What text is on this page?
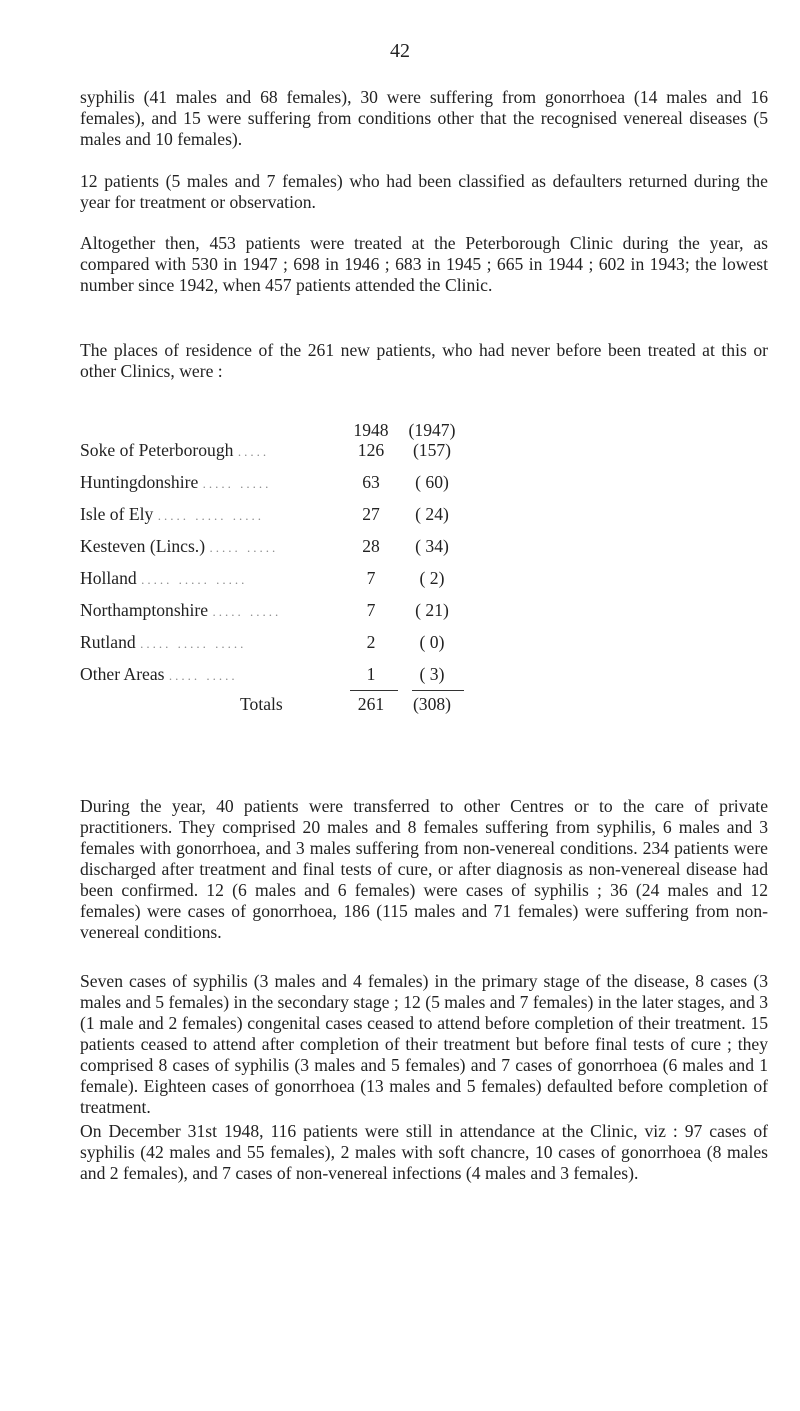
42

syphilis (41 males and 68 females), 30 were suffering from gonorrhoea (14 males and 16 females), and 15 were suffering from conditions other that the recognised venereal diseases (5 males and 10 females).

12 patients (5 males and 7 females) who had been classified as defaulters returned during the year for treatment or observation.

Altogether then, 453 patients were treated at the Peterborough Clinic during the year, as compared with 530 in 1947 ; 698 in 1946 ; 683 in 1945 ; 665 in 1944 ; 602 in 1943; the lowest number since 1942, when 457 patients attended the Clinic.

The places of residence of the 261 new patients, who had never before been treated at this or other Clinics, were :

1948	(1947)
Soke of Peterborough .....	126	(157)
Huntingdonshire ..... .....	63	( 60)
Isle of Ely ..... ..... .....	27	( 24)
Kesteven (Lincs.) ..... .....	28	( 34)
Holland ..... ..... .....	7	( 2)
Northamptonshire ..... .....	7	( 21)
Rutland ..... ..... .....	2	( 0)
Other Areas ..... .....	1	( 3)
Totals	261	(308)

During the year, 40 patients were transferred to other Centres or to the care of private practitioners. They comprised 20 males and 8 females suffering from syphilis, 6 males and 3 females with gonorrhoea, and 3 males suffering from non-venereal conditions. 234 patients were discharged after treatment and final tests of cure, or after diagnosis as non-venereal disease had been confirmed. 12 (6 males and 6 females) were cases of syphilis ; 36 (24 males and 12 females) were cases of gonorrhoea, 186 (115 males and 71 females) were suffering from non-venereal conditions.

Seven cases of syphilis (3 males and 4 females) in the primary stage of the disease, 8 cases (3 males and 5 females) in the secondary stage ; 12 (5 males and 7 females) in the later stages, and 3 (1 male and 2 females) congenital cases ceased to attend before completion of their treatment. 15 patients ceased to attend after completion of their treatment but before final tests of cure ; they comprised 8 cases of syphilis (3 males and 5 females) and 7 cases of gonorrhoea (6 males and 1 female). Eighteen cases of gonorrhoea (13 males and 5 females) defaulted before completion of treatment.

On December 31st 1948, 116 patients were still in attendance at the Clinic, viz : 97 cases of syphilis (42 males and 55 females), 2 males with soft chancre, 10 cases of gonorrhoea (8 males and 2 females), and 7 cases of non-venereal infections (4 males and 3 females).
